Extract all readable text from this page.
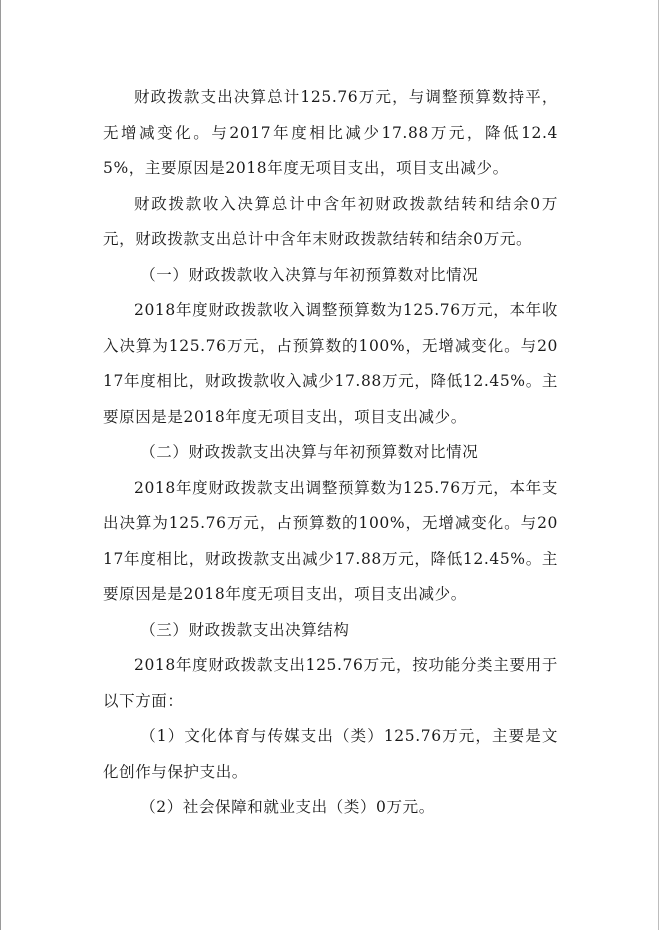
财政拨款支出决算总计125.76万元，与调整预算数持平，无增减变化。与2017年度相比减少17.88万元，降低12.45%，主要原因是2018年度无项目支出，项目支出减少。

财政拨款收入决算总计中含年初财政拨款结转和结余0万元，财政拨款支出总计中含年末财政拨款结转和结余0万元。

（一）财政拨款收入决算与年初预算数对比情况

2018年度财政拨款收入调整预算数为125.76万元，本年收入决算为125.76万元，占预算数的100%，无增减变化。与2017年度相比，财政拨款收入减少17.88万元，降低12.45%。主要原因是是2018年度无项目支出，项目支出减少。

（二）财政拨款支出决算与年初预算数对比情况

2018年度财政拨款支出调整预算数为125.76万元，本年支出决算为125.76万元，占预算数的100%，无增减变化。与2017年度相比，财政拨款支出减少17.88万元，降低12.45%。主要原因是是2018年度无项目支出，项目支出减少。

（三）财政拨款支出决算结构

2018年度财政拨款支出125.76万元，按功能分类主要用于以下方面：

（1）文化体育与传媒支出（类）125.76万元，主要是文化创作与保护支出。

（2）社会保障和就业支出（类）0万元。
